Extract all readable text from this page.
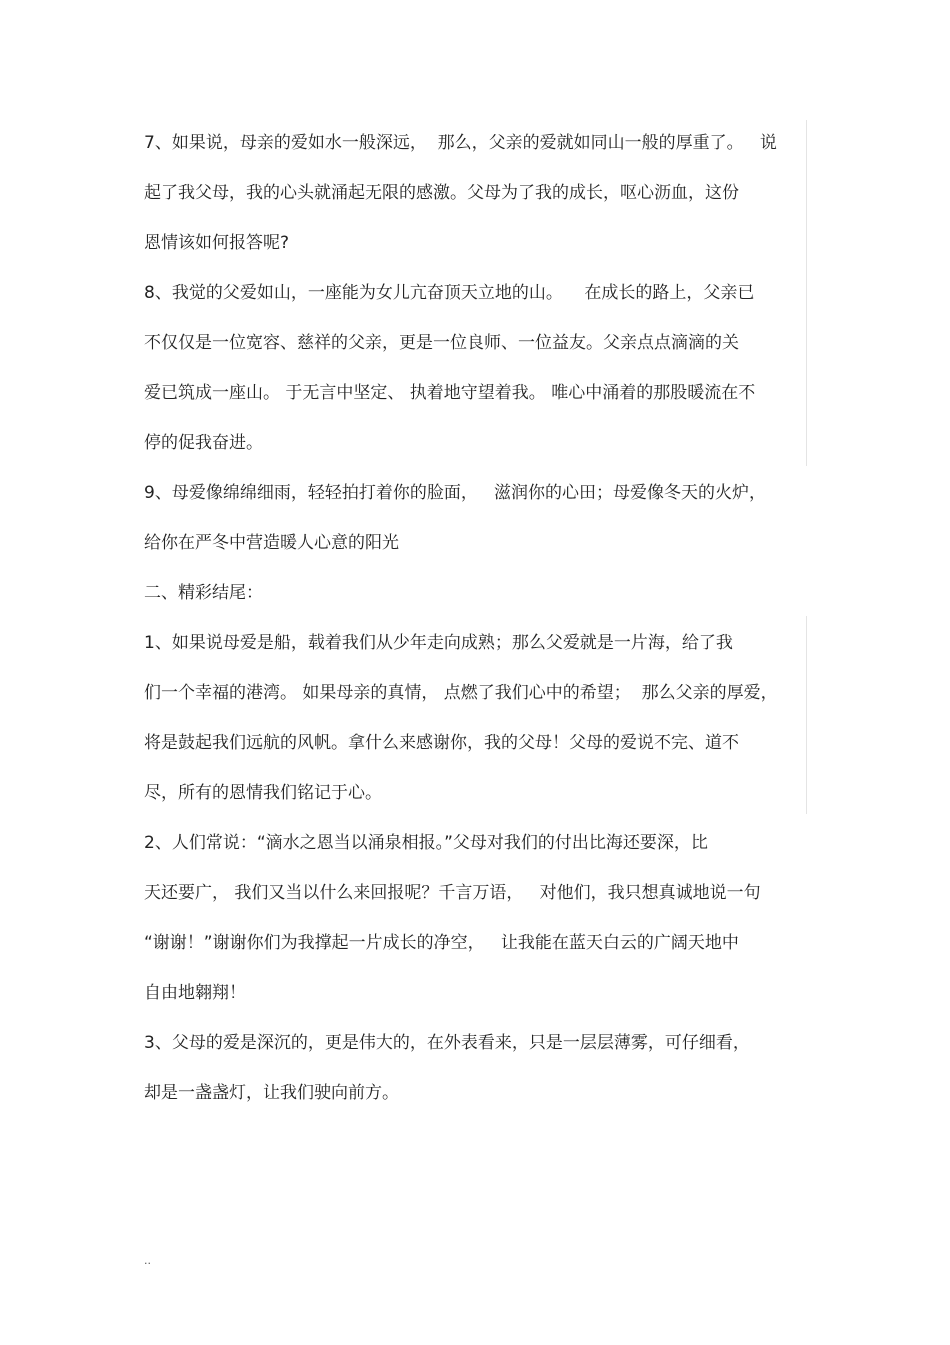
7、如果说，母亲的爱如水一般深远，  那么，父亲的爱就如同山一般的厚重了。   说

起了我父母，我的心头就涌起无限的感激。父母为了我的成长，呕心沥血，这份

恩情该如何报答呢?

8、我觉的父爱如山，一座能为女儿亢奋顶天立地的山。    在成长的路上，父亲已

不仅仅是一位宽容、慈祥的父亲，更是一位良师、一位益友。父亲点点滴滴的关

爱已筑成一座山。 于无言中坚定、 执着地守望着我。 唯心中涌着的那股暖流在不

停的促我奋进。

9、母爱像绵绵细雨，轻轻拍打着你的脸面，   滋润你的心田；母爱像冬天的火炉，

给你在严冬中营造暖人心意的阳光

二、精彩结尾：

1、如果说母爱是船，载着我们从少年走向成熟；那么父爱就是一片海，给了我

们一个幸福的港湾。 如果母亲的真情， 点燃了我们心中的希望；  那么父亲的厚爱，

将是鼓起我们远航的风帆。拿什么来感谢你，我的父母！父母的爱说不完、道不

尽，所有的恩情我们铭记于心。

2、人们常说：“滴水之恩当以涌泉相报。”父母对我们的付出比海还要深，比

天还要广， 我们又当以什么来回报呢？千言万语，   对他们，我只想真诚地说一句

“谢谢！”谢谢你们为我撑起一片成长的净空，   让我能在蓝天白云的广阔天地中

自由地翱翔！

3、父母的爱是深沉的，更是伟大的，在外表看来，只是一层层薄雾，可仔细看，

却是一盏盏灯，让我们驶向前方。

..
